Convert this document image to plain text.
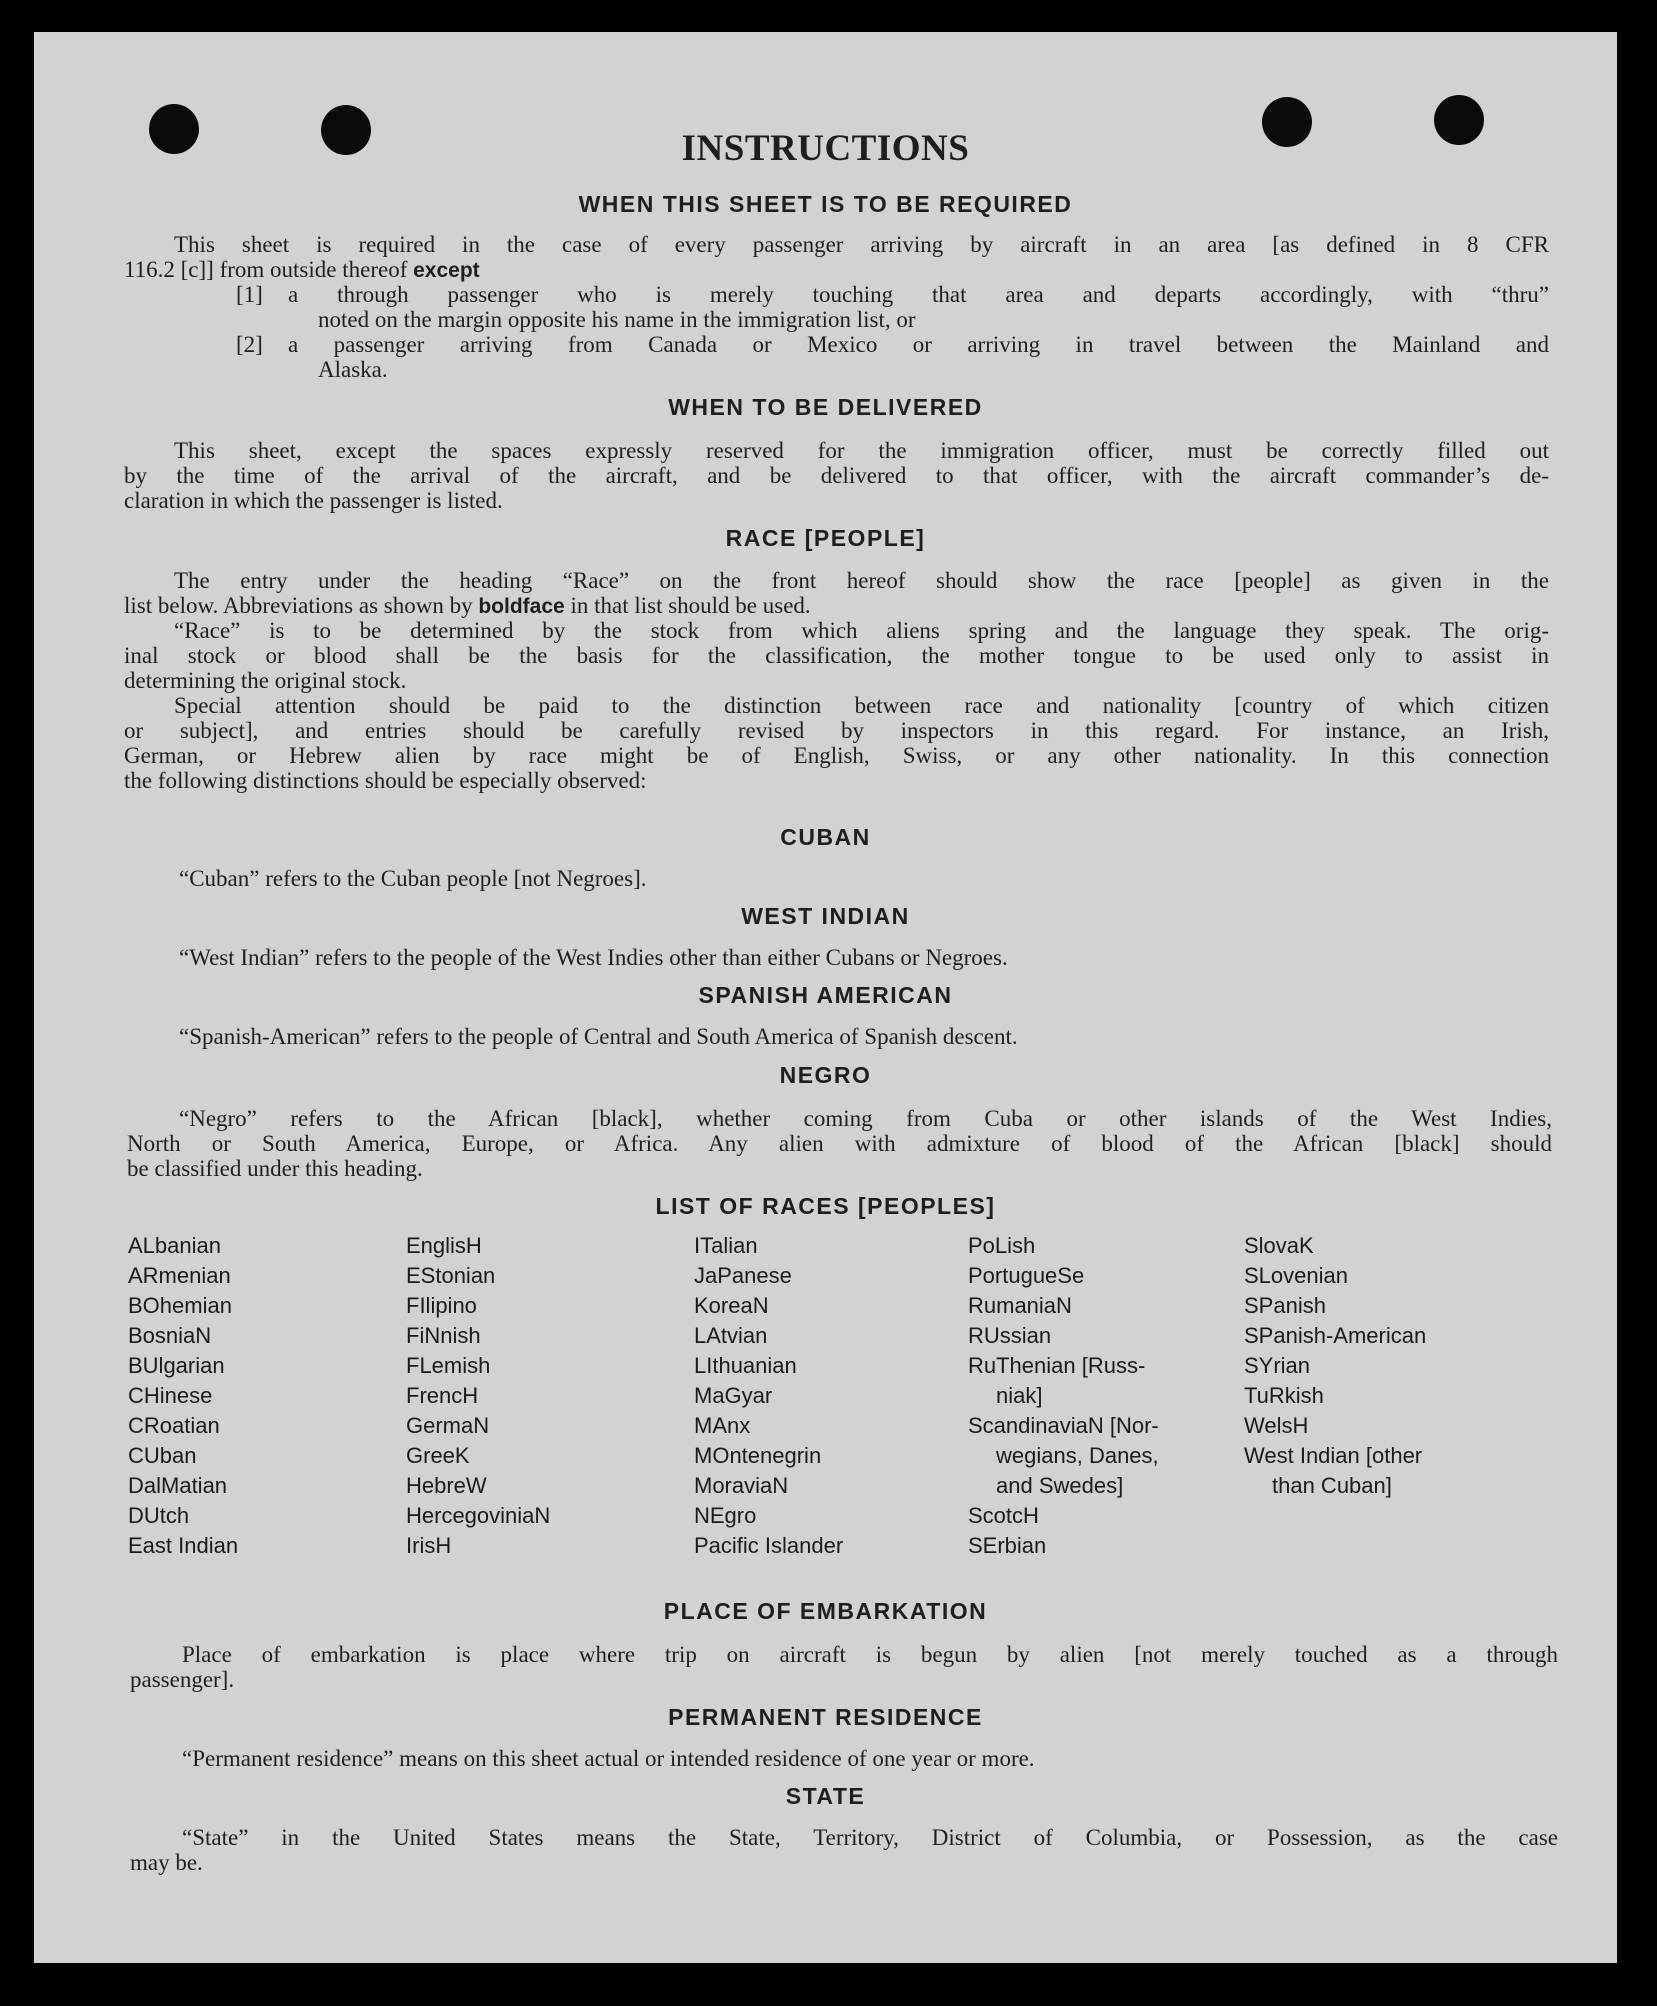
INSTRUCTIONS
WHEN THIS SHEET IS TO BE REQUIRED
This sheet is required in the case of every passenger arriving by aircraft in an area [as defined in 8 CFR
116.2 [c]] from outside thereof except
[1]	a through passenger who is merely touching that area and departs accordingly, with “thru”
noted on the margin opposite his name in the immigration list, or
[2]	a passenger arriving from Canada or Mexico or arriving in travel between the Mainland and
Alaska.
WHEN TO BE DELIVERED
This sheet, except the spaces expressly reserved for the immigration officer, must be correctly filled out
by the time of the arrival of the aircraft, and be delivered to that officer, with the aircraft commander’s de-
claration in which the passenger is listed.
RACE [PEOPLE]
The entry under the heading “Race” on the front hereof should show the race [people] as given in the
list below. Abbreviations as shown by boldface in that list should be used.
“Race” is to be determined by the stock from which aliens spring and the language they speak. The orig-
inal stock or blood shall be the basis for the classification, the mother tongue to be used only to assist in
determining the original stock.
Special attention should be paid to the distinction between race and nationality [country of which citizen
or subject], and entries should be carefully revised by inspectors in this regard. For instance, an Irish,
German, or Hebrew alien by race might be of English, Swiss, or any other nationality. In this connection
the following distinctions should be especially observed:
CUBAN
“Cuban” refers to the Cuban people [not Negroes].
WEST INDIAN
“West Indian” refers to the people of the West Indies other than either Cubans or Negroes.
SPANISH AMERICAN
“Spanish-American” refers to the people of Central and South America of Spanish descent.
NEGRO
“Negro” refers to the African [black], whether coming from Cuba or other islands of the West Indies,
North or South America, Europe, or Africa. Any alien with admixture of blood of the African [black] should
be classified under this heading.
LIST OF RACES [PEOPLES]
ALbanian
ARmenian
BOhemian
BosniaN
BUlgarian
CHinese
CRoatian
CUban
DalMatian
DUtch
East Indian
EnglisH
EStonian
FIlipino
FiNnish
FLemish
FrencH
GermaN
GreeK
HebreW
HercegoviniaN
IrisH
ITalian
JaPanese
KoreaN
LAtvian
LIthuanian
MaGyar
MAnx
MOntenegrin
MoraviaN
NEgro
Pacific Islander
PoLish
PortugueSe
RumaniaN
RUssian
RuThenian [Russ-
niak]
ScandinaviaN [Nor-
wegians, Danes,
and Swedes]
ScotcH
SErbian
SlovaK
SLovenian
SPanish
SPanish-American
SYrian
TuRkish
WelsH
West Indian [other
than Cuban]
PLACE OF EMBARKATION
Place of embarkation is place where trip on aircraft is begun by alien [not merely touched as a through
passenger].
PERMANENT RESIDENCE
“Permanent residence” means on this sheet actual or intended residence of one year or more.
STATE
“State” in the United States means the State, Territory, District of Columbia, or Possession, as the case
may be.
